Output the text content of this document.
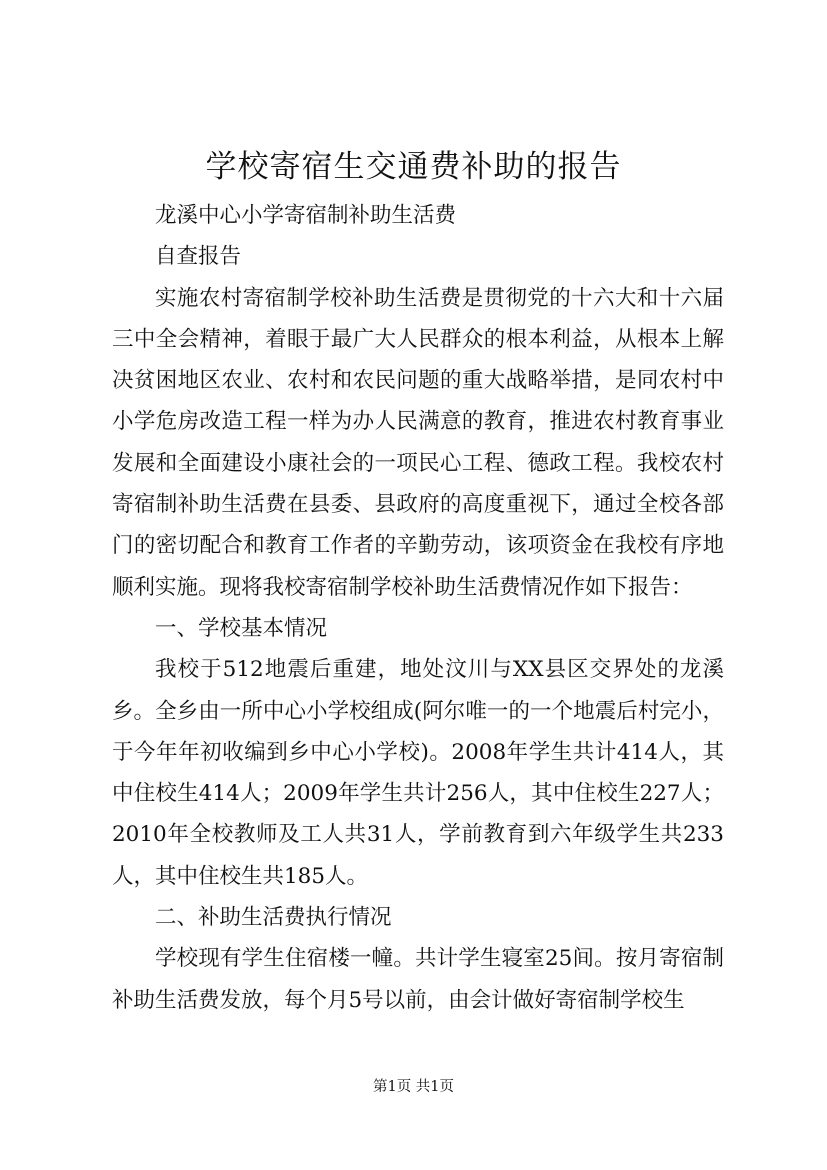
学校寄宿生交通费补助的报告

龙溪中心小学寄宿制补助生活费

自查报告

实施农村寄宿制学校补助生活费是贯彻党的十六大和十六届三中全会精神，着眼于最广大人民群众的根本利益，从根本上解决贫困地区农业、农村和农民问题的重大战略举措，是同农村中小学危房改造工程一样为办人民满意的教育，推进农村教育事业发展和全面建设小康社会的一项民心工程、德政工程。我校农村寄宿制补助生活费在县委、县政府的高度重视下，通过全校各部门的密切配合和教育工作者的辛勤劳动，该项资金在我校有序地顺利实施。现将我校寄宿制学校补助生活费情况作如下报告：

一、学校基本情况

我校于512地震后重建，地处汶川与XX县区交界处的龙溪乡。全乡由一所中心小学校组成(阿尔唯一的一个地震后村完小，于今年年初收编到乡中心小学校)。2008年学生共计414人，其中住校生414人；2009年学生共计256人，其中住校生227人；2010年全校教师及工人共31人，学前教育到六年级学生共233人，其中住校生共185人。

二、补助生活费执行情况

学校现有学生住宿楼一幢。共计学生寝室25间。按月寄宿制补助生活费发放，每个月5号以前，由会计做好寄宿制学校生

第1页 共1页
